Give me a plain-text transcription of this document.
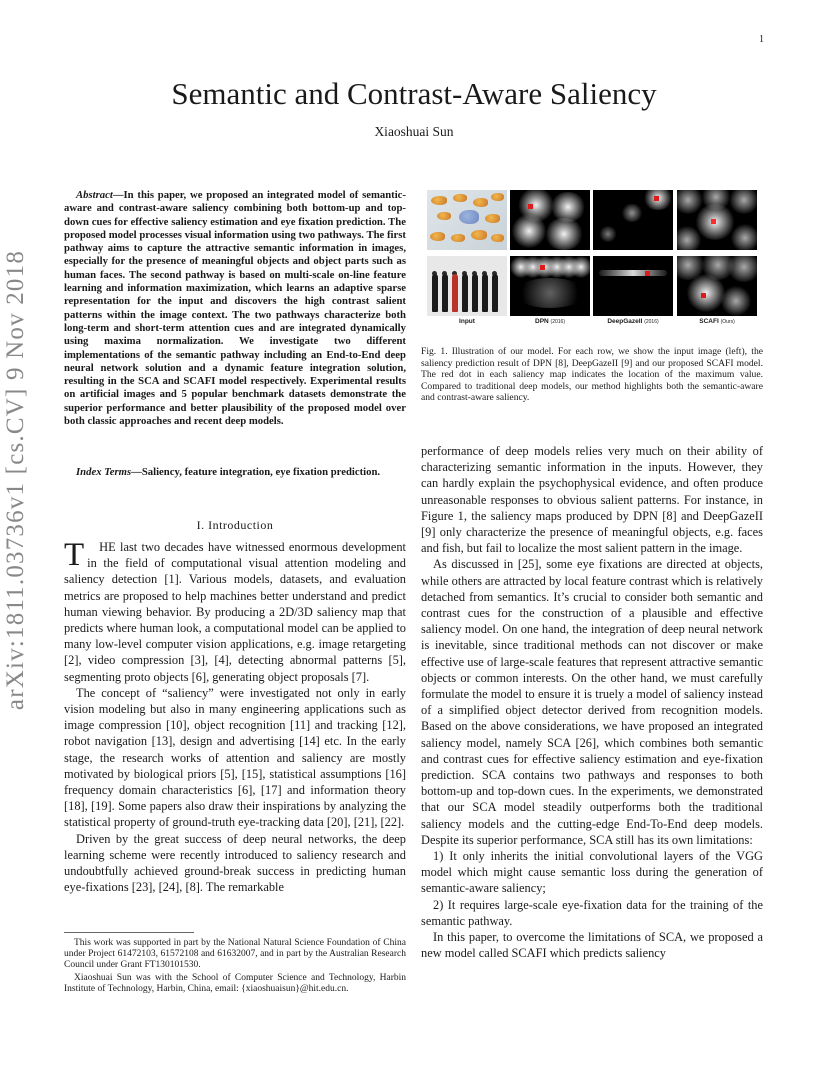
1
Semantic and Contrast-Aware Saliency
Xiaoshuai Sun
arXiv:1811.03736v1 [cs.CV] 9 Nov 2018
Abstract—In this paper, we proposed an integrated model of semantic-aware and contrast-aware saliency combining both bottom-up and top-down cues for effective saliency estimation and eye fixation prediction. The proposed model processes visual information using two pathways. The first pathway aims to capture the attractive semantic information in images, especially for the presence of meaningful objects and object parts such as human faces. The second pathway is based on multi-scale on-line feature learning and information maximization, which learns an adaptive sparse representation for the input and discovers the high contrast salient patterns within the image context. The two pathways characterize both long-term and short-term attention cues and are integrated dynamically using maxima normalization. We investigate two different implementations of the semantic pathway including an End-to-End deep neural network solution and a dynamic feature integration solution, resulting in the SCA and SCAFI model respectively. Experimental results on artificial images and 5 popular benchmark datasets demonstrate the superior performance and better plausibility of the proposed model over both classic approaches and recent deep models.
Index Terms—Saliency, feature integration, eye fixation prediction.
I. Introduction

T HE last two decades have witnessed enormous development in the field of computational visual attention modeling and saliency detection [1]. Various models, datasets, and evaluation metrics are proposed to help machines better understand and predict human viewing behavior. By producing a 2D/3D saliency map that predicts where human look, a computational model can be applied to many low-level computer vision applications, e.g. image retargeting [2], video compression [3], [4], detecting abnormal patterns [5], segmenting proto objects [6], generating object proposals [7].

The concept of “saliency” were investigated not only in early vision modeling but also in many engineering applications such as image compression [10], object recognition [11] and tracking [12], robot navigation [13], design and advertising [14] etc. In the early stage, the research works of attention and saliency are mostly motivated by biological priors [5], [15], statistical assumptions [16] frequency domain characteristics [6], [17] and information theory [18], [19]. Some papers also draw their inspirations by analyzing the statistical property of ground-truth eye-tracking data [20], [21], [22].

Driven by the great success of deep neural networks, the deep learning scheme were recently introduced to saliency research and undoubtfully achieved ground-break success in predicting human eye-fixations [23], [24], [8]. The remarkable

This work was supported in part by the National Natural Science Foundation of China under Project 61472103, 61572108 and 61632007, and in part by the Australian Research Council under Grant FT130101530.

Xiaoshuai Sun was with the School of Computer Science and Technology, Harbin Institute of Technology, Harbin, China, email: {xiaoshuaisun}@hit.edu.cn.

Input	DPN (2016)	DeepGazeII (2016)	SCAFI (Ours)
Fig. 1. Illustration of our model. For each row, we show the input image (left), the saliency prediction result of DPN [8], DeepGazeII [9] and our proposed SCAFI model. The red dot in each saliency map indicates the location of the maximum value. Compared to traditional deep models, our method highlights both the semantic-aware and contrast-aware saliency.

performance of deep models relies very much on their ability of characterizing semantic information in the inputs. However, they can hardly explain the psychophysical evidence, and often produce unreasonable responses to obvious salient patterns. For instance, in Figure 1, the saliency maps produced by DPN [8] and DeepGazeII [9] only characterize the presence of meaningful objects, e.g. faces and fish, but fail to localize the most salient pattern in the image.

As discussed in [25], some eye fixations are directed at objects, while others are attracted by local feature contrast which is relatively detached from semantics. It’s crucial to consider both semantic and contrast cues for the construction of a plausible and effective saliency model. On one hand, the integration of deep neural network is inevitable, since traditional methods can not discover or make effective use of large-scale features that represent attractive semantic objects or common interests. On the other hand, we must carefully formulate the model to ensure it is truely a model of saliency instead of a simplified object detector derived from recognition models. Based on the above considerations, we have proposed an integrated saliency model, namely SCA [26], which combines both semantic and contrast cues for effective saliency estimation and eye-fixation prediction. SCA contains two pathways and responses to both bottom-up and top-down cues. In the experiments, we demonstrated that our SCA model steadily outperforms both the traditional saliency models and the cutting-edge End-To-End deep models. Despite its superior performance, SCA still has its own limitations:

1) It only inherits the initial convolutional layers of the VGG model which might cause semantic loss during the generation of semantic-aware saliency;

2) It requires large-scale eye-fixation data for the training of the semantic pathway.

In this paper, to overcome the limitations of SCA, we proposed a new model called SCAFI which predicts saliency
